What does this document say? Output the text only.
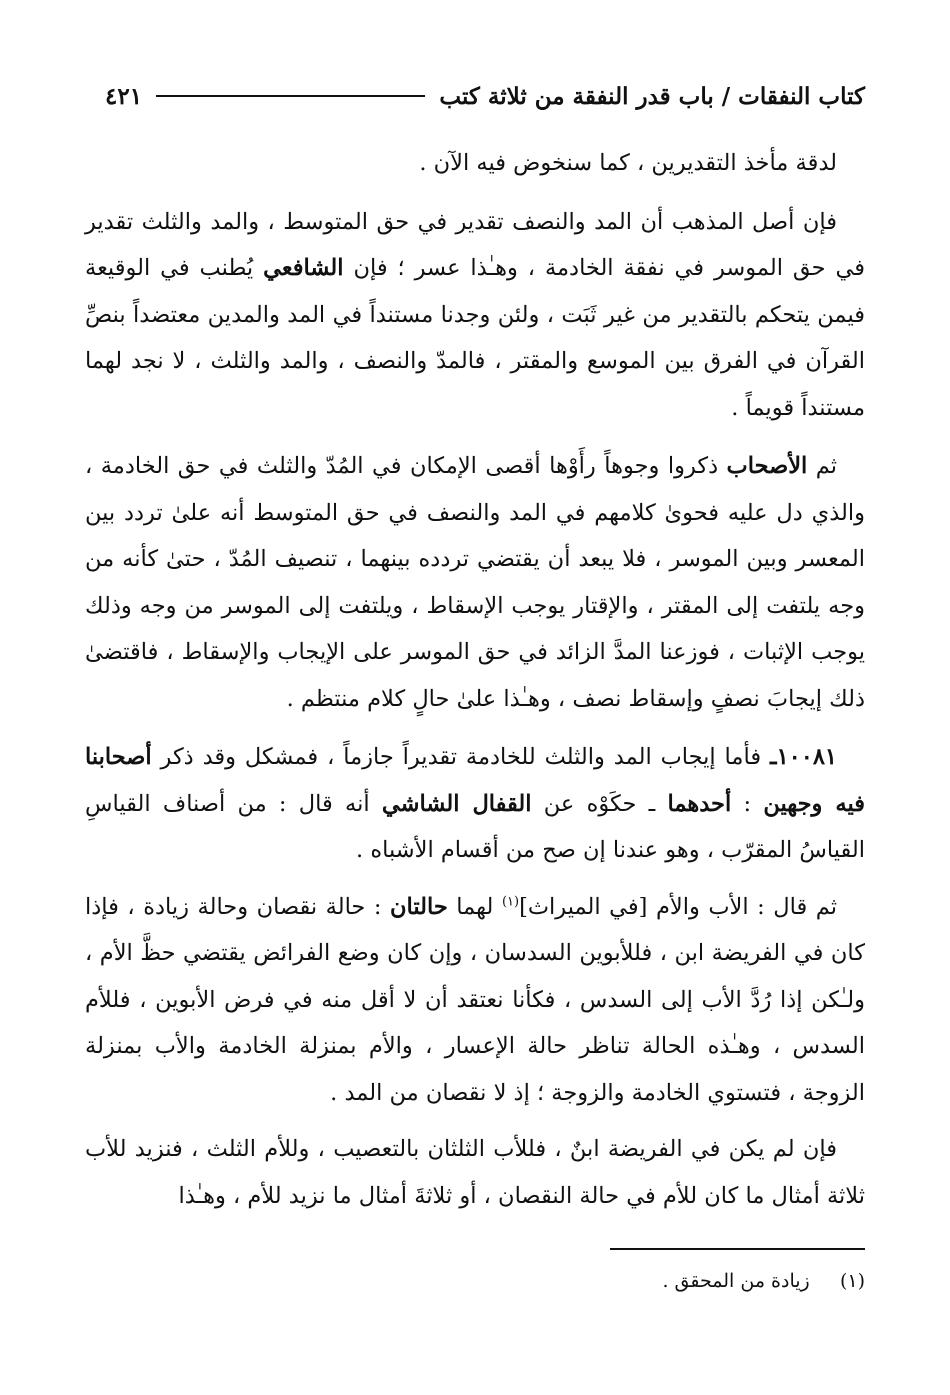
كتاب النفقات / باب قدر النفقة من ثلاثة كتب
٤٢١

لدقة مأخذ التقديرين ، كما سنخوض فيه الآن .

فإن أصل المذهب أن المد والنصف تقدير في حق المتوسط ، والمد والثلث تقدير في حق الموسر في نفقة الخادمة ، وهـٰذا عسر ؛ فإن الشافعي يُطنب في الوقيعة فيمن يتحكم بالتقدير من غير ثَبَت ، ولئن وجدنا مستنداً في المد والمدين معتضداً بنصِّ القرآن في الفرق بين الموسع والمقتر ، فالمدّ والنصف ، والمد والثلث ، لا نجد لهما مستنداً قويماً .

ثم الأصحاب ذكروا وجوهاً رأَوْها أقصى الإمكان في المُدّ والثلث في حق الخادمة ، والذي دل عليه فحوىٰ كلامهم في المد والنصف في حق المتوسط أنه علىٰ تردد بين المعسر وبين الموسر ، فلا يبعد أن يقتضي تردده بينهما ، تنصيف المُدّ ، حتىٰ كأنه من وجه يلتفت إلى المقتر ، والإقتار يوجب الإسقاط ، ويلتفت إلى الموسر من وجه وذلك يوجب الإثبات ، فوزعنا المدَّ الزائد في حق الموسر على الإيجاب والإسقاط ، فاقتضىٰ ذلك إيجابَ نصفٍ وإسقاط نصف ، وهـٰذا علىٰ حالٍ كلام منتظم .

١٠٠٨١ـ فأما إيجاب المد والثلث للخادمة تقديراً جازماً ، فمشكل وقد ذكر أصحابنا فيه وجهين : أحدهما ـ حكَوْه عن القفال الشاشي أنه قال : من أصناف القياسِ القياسُ المقرّب ، وهو عندنا إن صح من أقسام الأشباه .

ثم قال : الأب والأم [في الميراث]$^{(١)}$ لهما حالتان : حالة نقصان وحالة زيادة ، فإذا كان في الفريضة ابن ، فللأبوين السدسان ، وإن كان وضع الفرائض يقتضي حظَّ الأم ، ولـٰكن إذا رُدَّ الأب إلى السدس ، فكأنا نعتقد أن لا أقل منه في فرض الأبوين ، فللأم السدس ، وهـٰذه الحالة تناظر حالة الإعسار ، والأم بمنزلة الخادمة والأب بمنزلة الزوجة ، فتستوي الخادمة والزوجة ؛ إذ لا نقصان من المد .

فإن لم يكن في الفريضة ابنٌ ، فللأب الثلثان بالتعصيب ، وللأم الثلث ، فنزيد للأب ثلاثة أمثال ما كان للأم في حالة النقصان ، أو ثلاثةَ أمثال ما نزيد للأم ، وهـٰذا

(١)     زيادة من المحقق .
